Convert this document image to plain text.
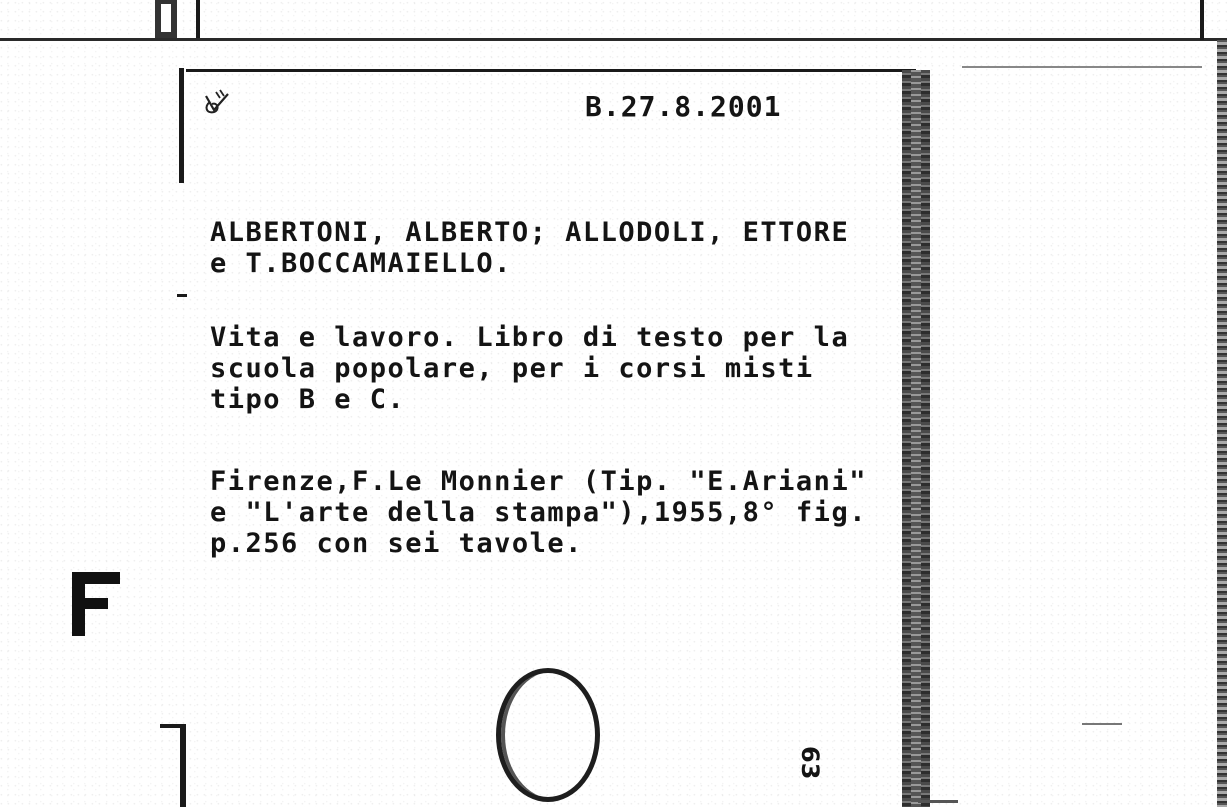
B.27.8.2001
ALBERTONI, ALBERTO; ALLODOLI, ETTORE
e T.BOCCAMAIELLO.
Vita e lavoro. Libro di testo per la
scuola popolare, per i corsi misti
tipo B e C.
Firenze,F.Le Monnier (Tip. "E.Ariani"
e "L'arte della stampa"),1955,8° fig.
p.256 con sei tavole.
63
